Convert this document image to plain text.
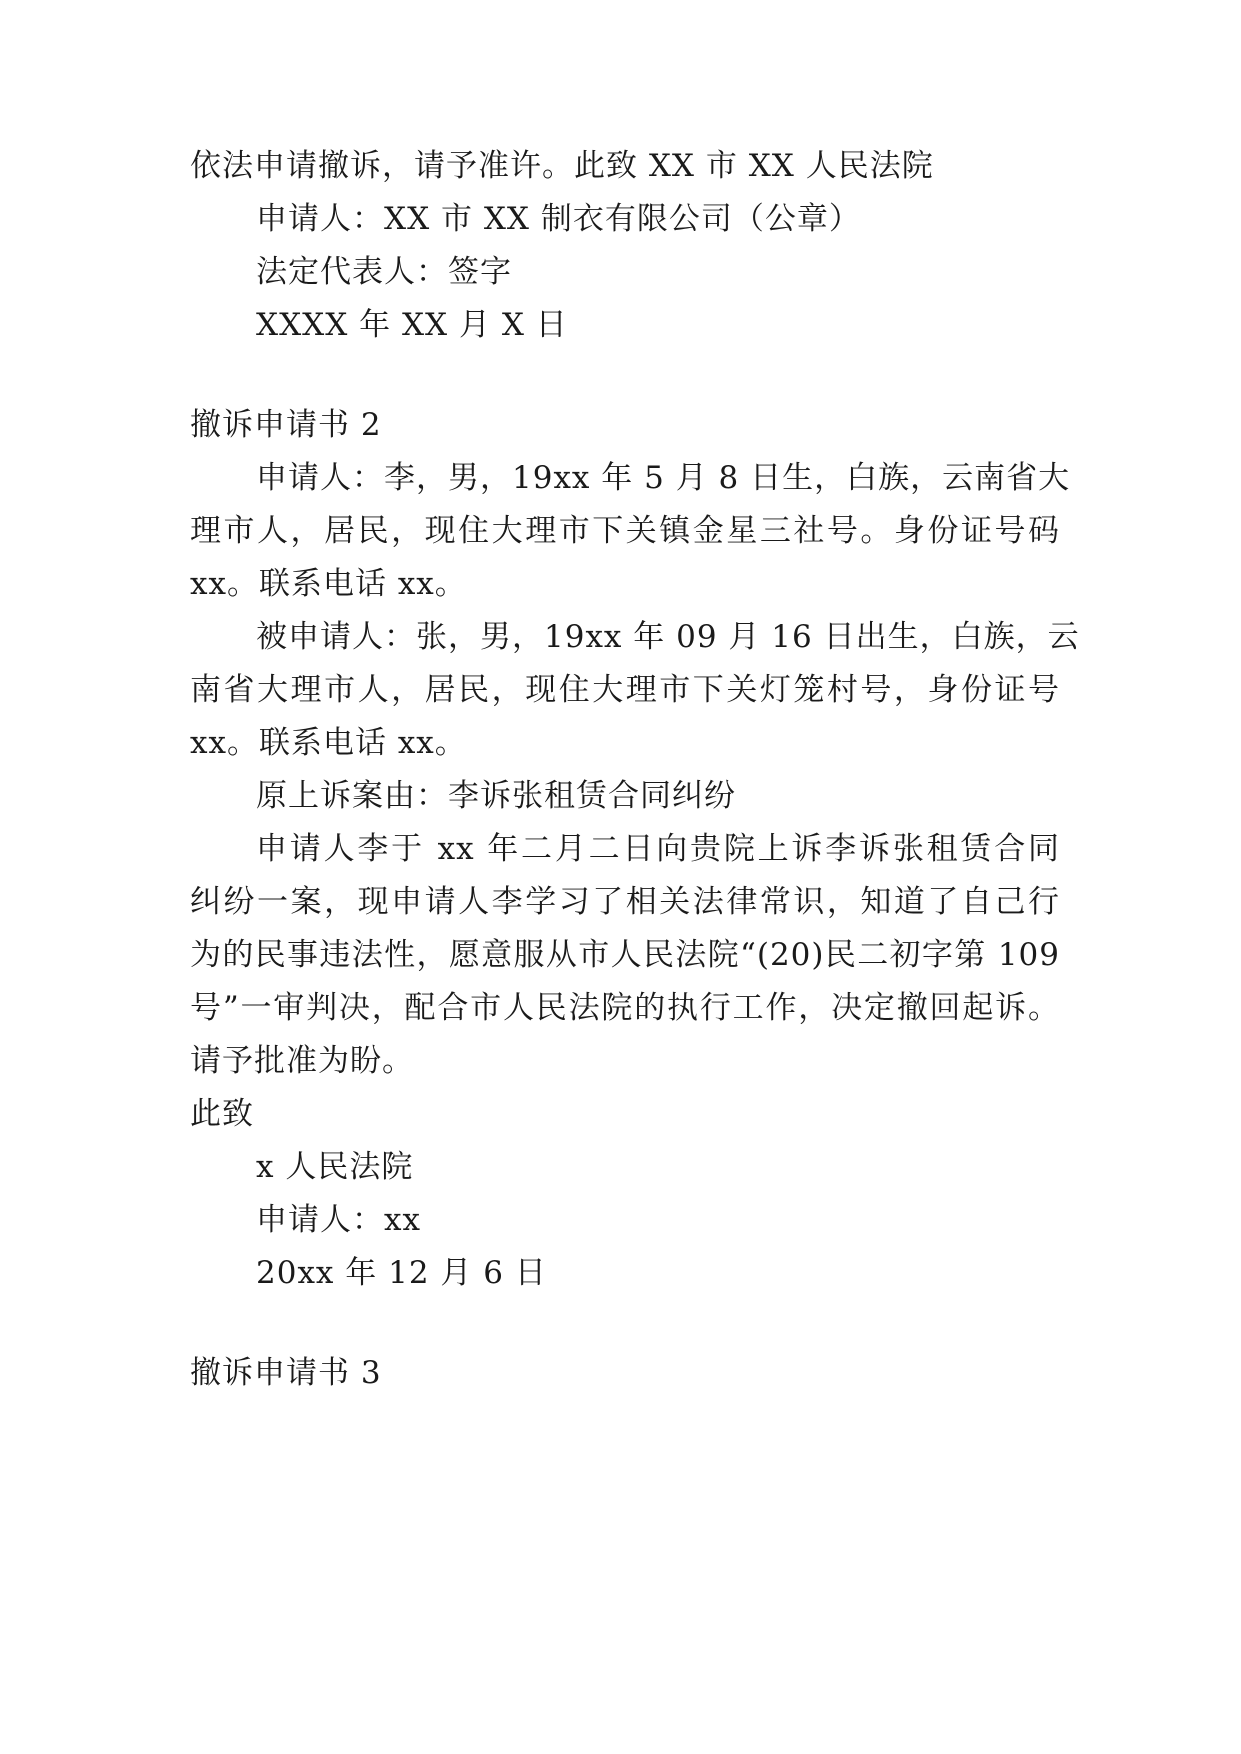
依法申请撤诉，请予准许。此致 XX 市 XX 人民法院
申请人：XX 市 XX 制衣有限公司（公章）
法定代表人：签字
XXXX 年 XX 月 X 日
撤诉申请书 2
申请人：李，男，19xx 年 5 月 8 日生，白族，云南省大
理市人，居民，现住大理市下关镇金星三社号。身份证号码
xx。联系电话 xx。
被申请人：张，男，19xx 年 09 月 16 日出生，白族，云
南省大理市人，居民，现住大理市下关灯笼村号，身份证号
xx。联系电话 xx。
原上诉案由：李诉张租赁合同纠纷
申请人李于 xx 年二月二日向贵院上诉李诉张租赁合同
纠纷一案，现申请人李学习了相关法律常识，知道了自己行
为的民事违法性，愿意服从市人民法院“(20)民二初字第 109
号”一审判决，配合市人民法院的执行工作，决定撤回起诉。
请予批准为盼。
此致
x 人民法院
申请人：xx
20xx 年 12 月 6 日
撤诉申请书 3
